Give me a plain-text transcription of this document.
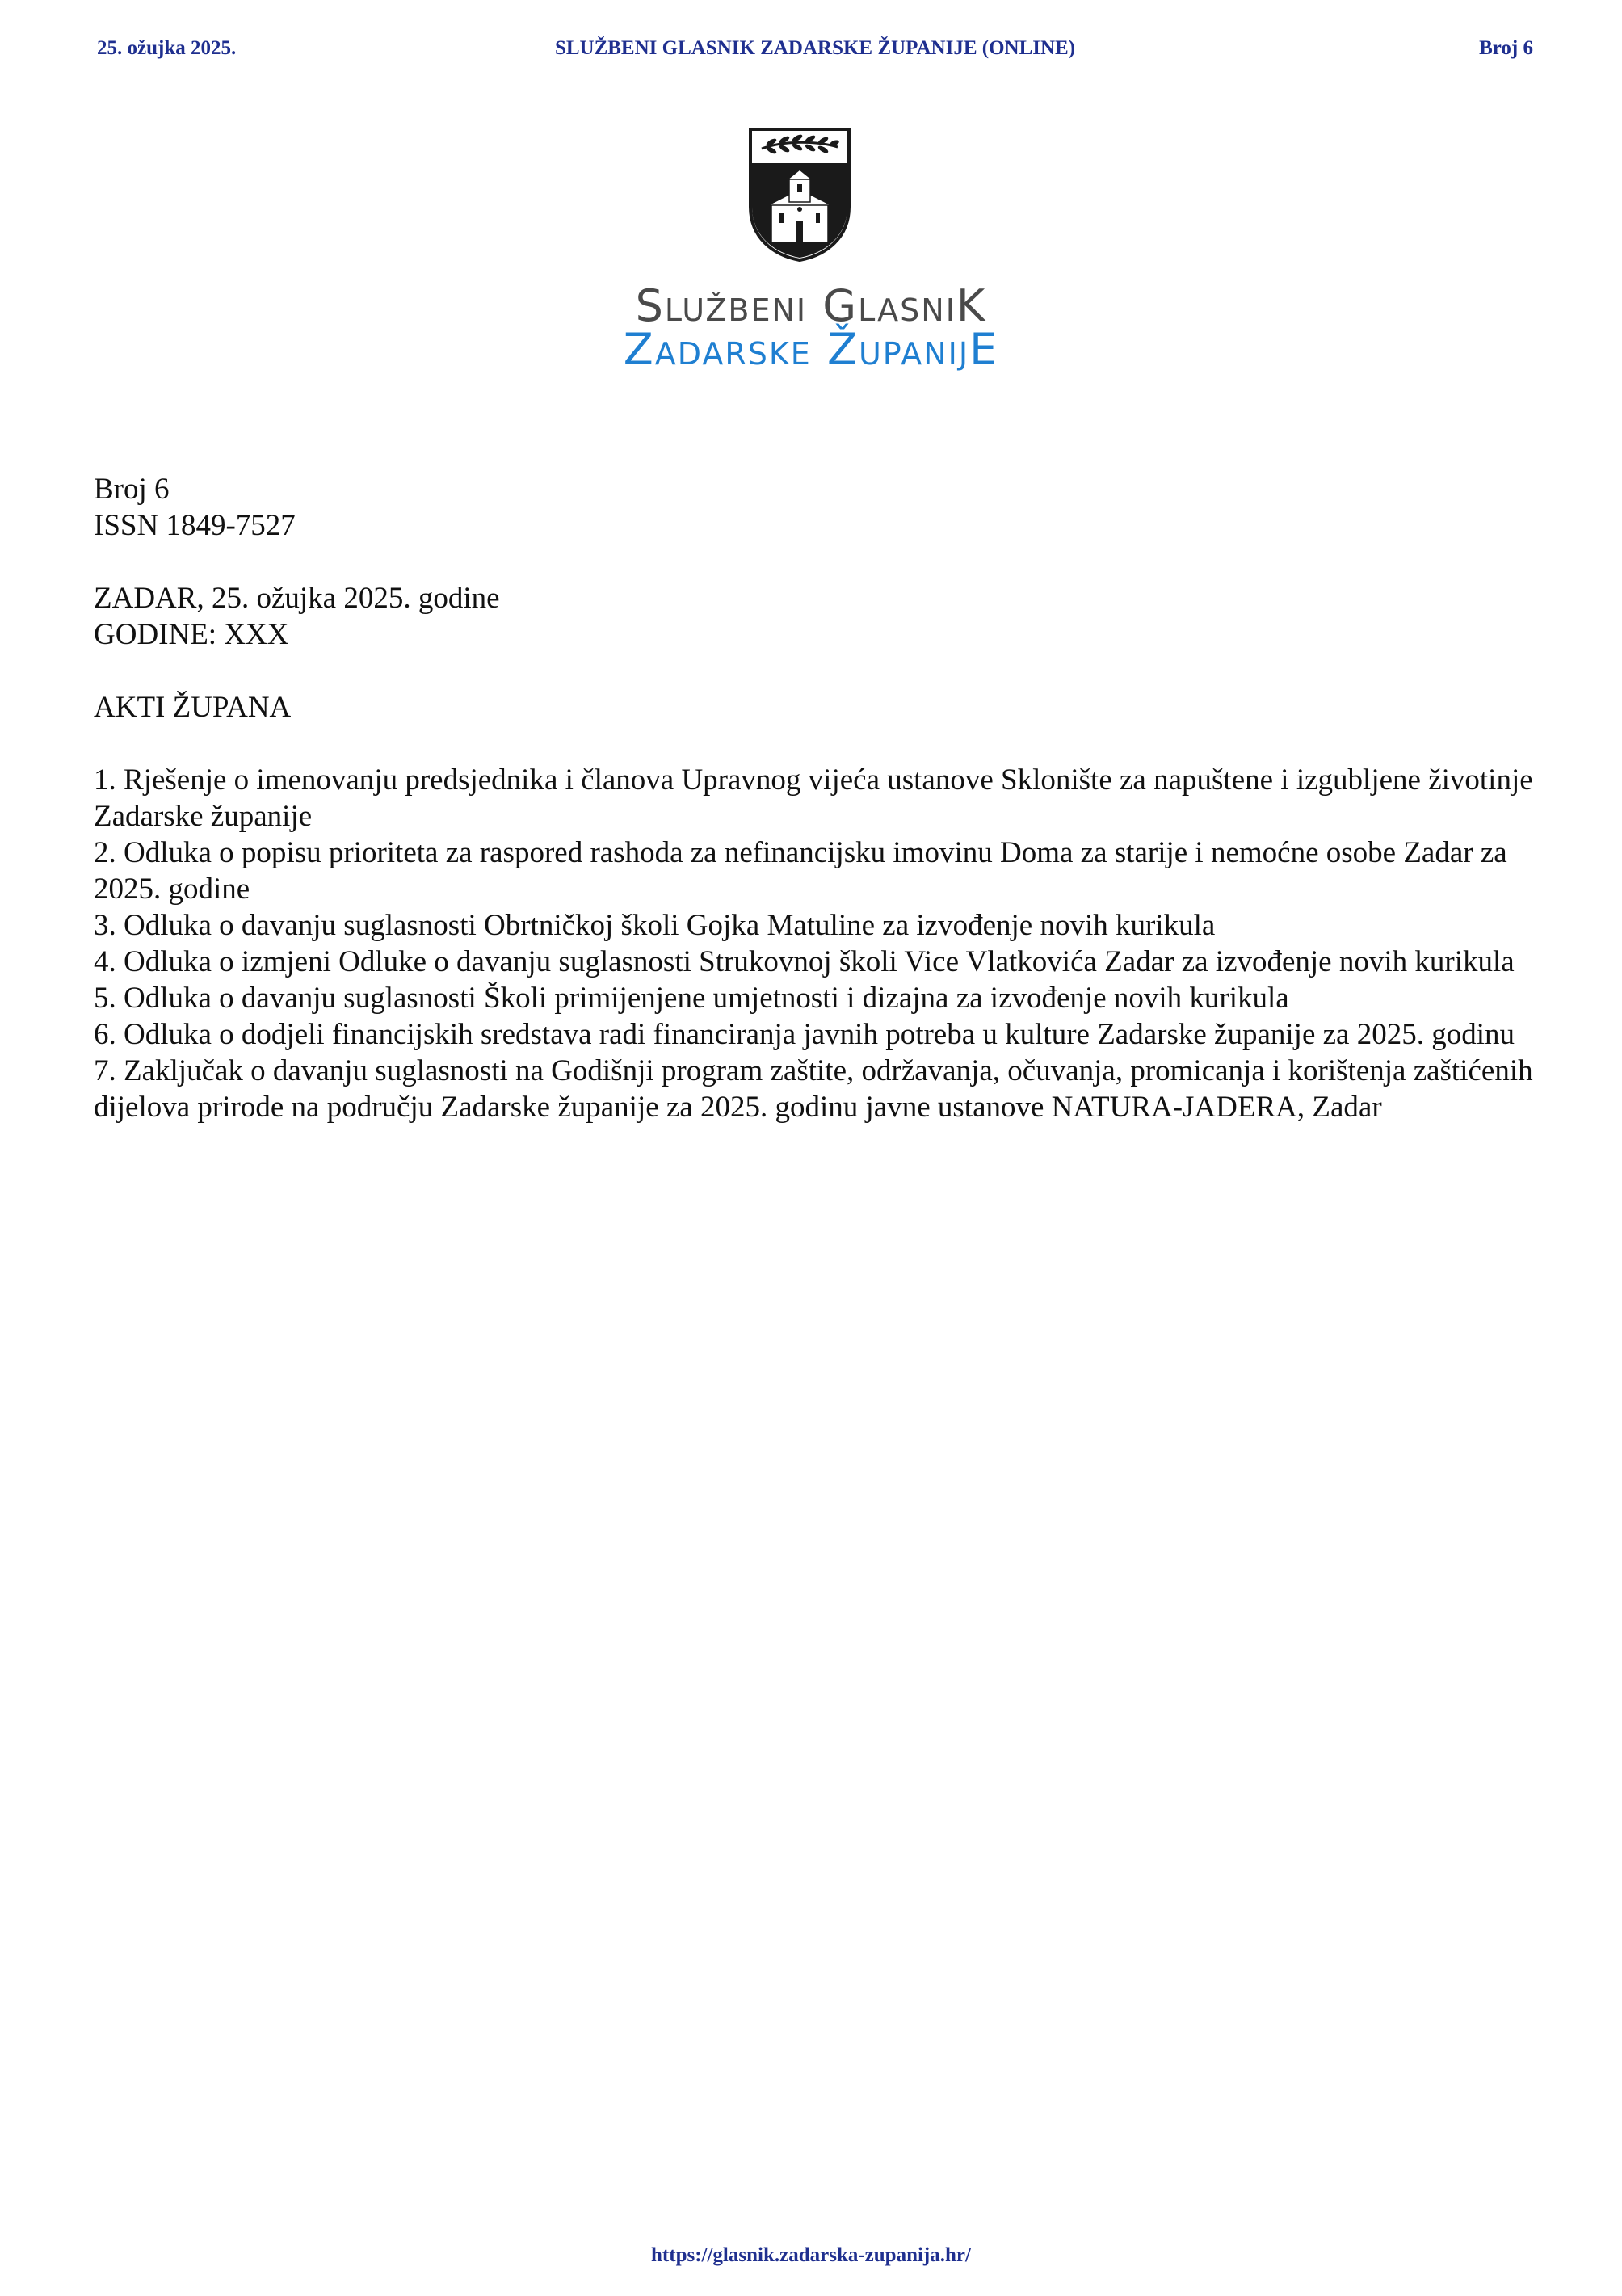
25. ožujka 2025.	SLUŽBENI GLASNIK ZADARSKE ŽUPANIJE (ONLINE)	Broj 6
Službeni GlasniK
Zadarske ŽupanijE

Broj 6

ISSN 1849-7527

ZADAR, 25. ožujka 2025. godine

GODINE: XXX

AKTI ŽUPANA

1. Rješenje o imenovanju predsjednika i članova Upravnog vijeća ustanove Sklonište za napuštene i izgubljene životinje Zadarske županije
2. Odluka o popisu prioriteta za raspored rashoda za nefinancijsku imovinu Doma za starije i nemoćne osobe Zadar za 2025. godine
3. Odluka o davanju suglasnosti Obrtničkoj školi Gojka Matuline za izvođenje novih kurikula
4. Odluka o izmjeni Odluke o davanju suglasnosti Strukovnoj školi Vice Vlatkovića Zadar za izvođenje novih kurikula
5. Odluka o davanju suglasnosti Školi primijenjene umjetnosti i dizajna za izvođenje novih kurikula
6. Odluka o dodjeli financijskih sredstava radi financiranja javnih potreba u kulture Zadarske županije za 2025. godinu
7. Zaključak o davanju suglasnosti na Godišnji program zaštite, održavanja, očuvanja, promicanja i korištenja zaštićenih dijelova prirode na području Zadarske županije za 2025. godinu javne ustanove NATURA-JADERA, Zadar
https://glasnik.zadarska-zupanija.hr/
